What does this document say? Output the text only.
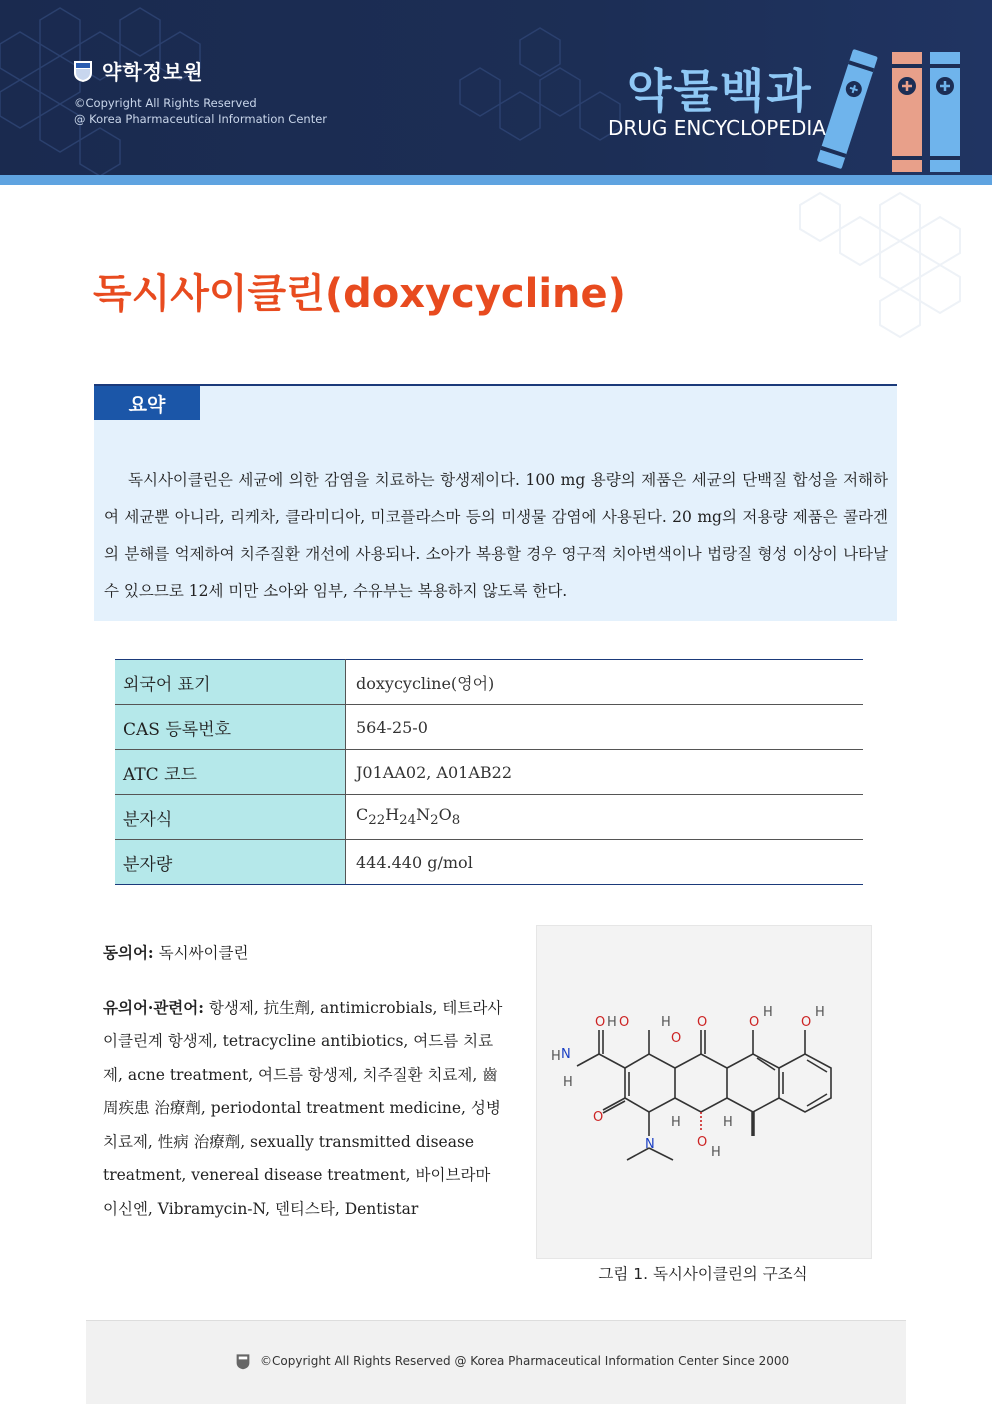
약학정보원
©Copyright All Rights Reserved
@ Korea Pharmaceutical Information Center
약물백과
DRUG ENCYCLOPEDIA
독시사이클린(doxycycline)
요약
독시사이클린은 세균에 의한 감염을 치료하는 항생제이다. 100 mg 용량의 제품은 세균의 단백질 합성을 저해하여 세균뿐 아니라, 리케차, 클라미디아, 미코플라스마 등의 미생물 감염에 사용된다. 20 mg의 저용량 제품은 콜라겐의 분해를 억제하여 치주질환 개선에 사용되나. 소아가 복용할 경우 영구적 치아변색이나 법랑질 형성 이상이 나타날 수 있으므로 12세 미만 소아와 임부, 수유부는 복용하지 않도록 한다.
외국어 표기	doxycycline(영어)
CAS 등록번호	564-25-0
ATC 코드	J01AA02, A01AB22
분자식	$C_{22}H_{24}N_2O_8$
분자량	444.440 g/mol

동의어: 독시싸이클린

유의어·관련어: 항생제, 抗生劑, antimicrobials, 테트라사이클린계 항생제, tetracycline antibiotics, 여드름 치료제, acne treatment, 여드름 항생제, 치주질환 치료제, 齒周疾患 治療劑, periodontal treatment medicine, 성병 치료제, 性病 治療劑, sexually transmitted disease treatment, venereal disease treatment, 바이브라마이신엔, Vibramycin-N, 덴티스타, Dentistar

O
O
O
H
O
H O	O
H
O
H
N
H
H
N	O
H
H	H
그림 1. 독시사이클린의 구조식
©Copyright All Rights Reserved @ Korea Pharmaceutical Information Center Since 2000
